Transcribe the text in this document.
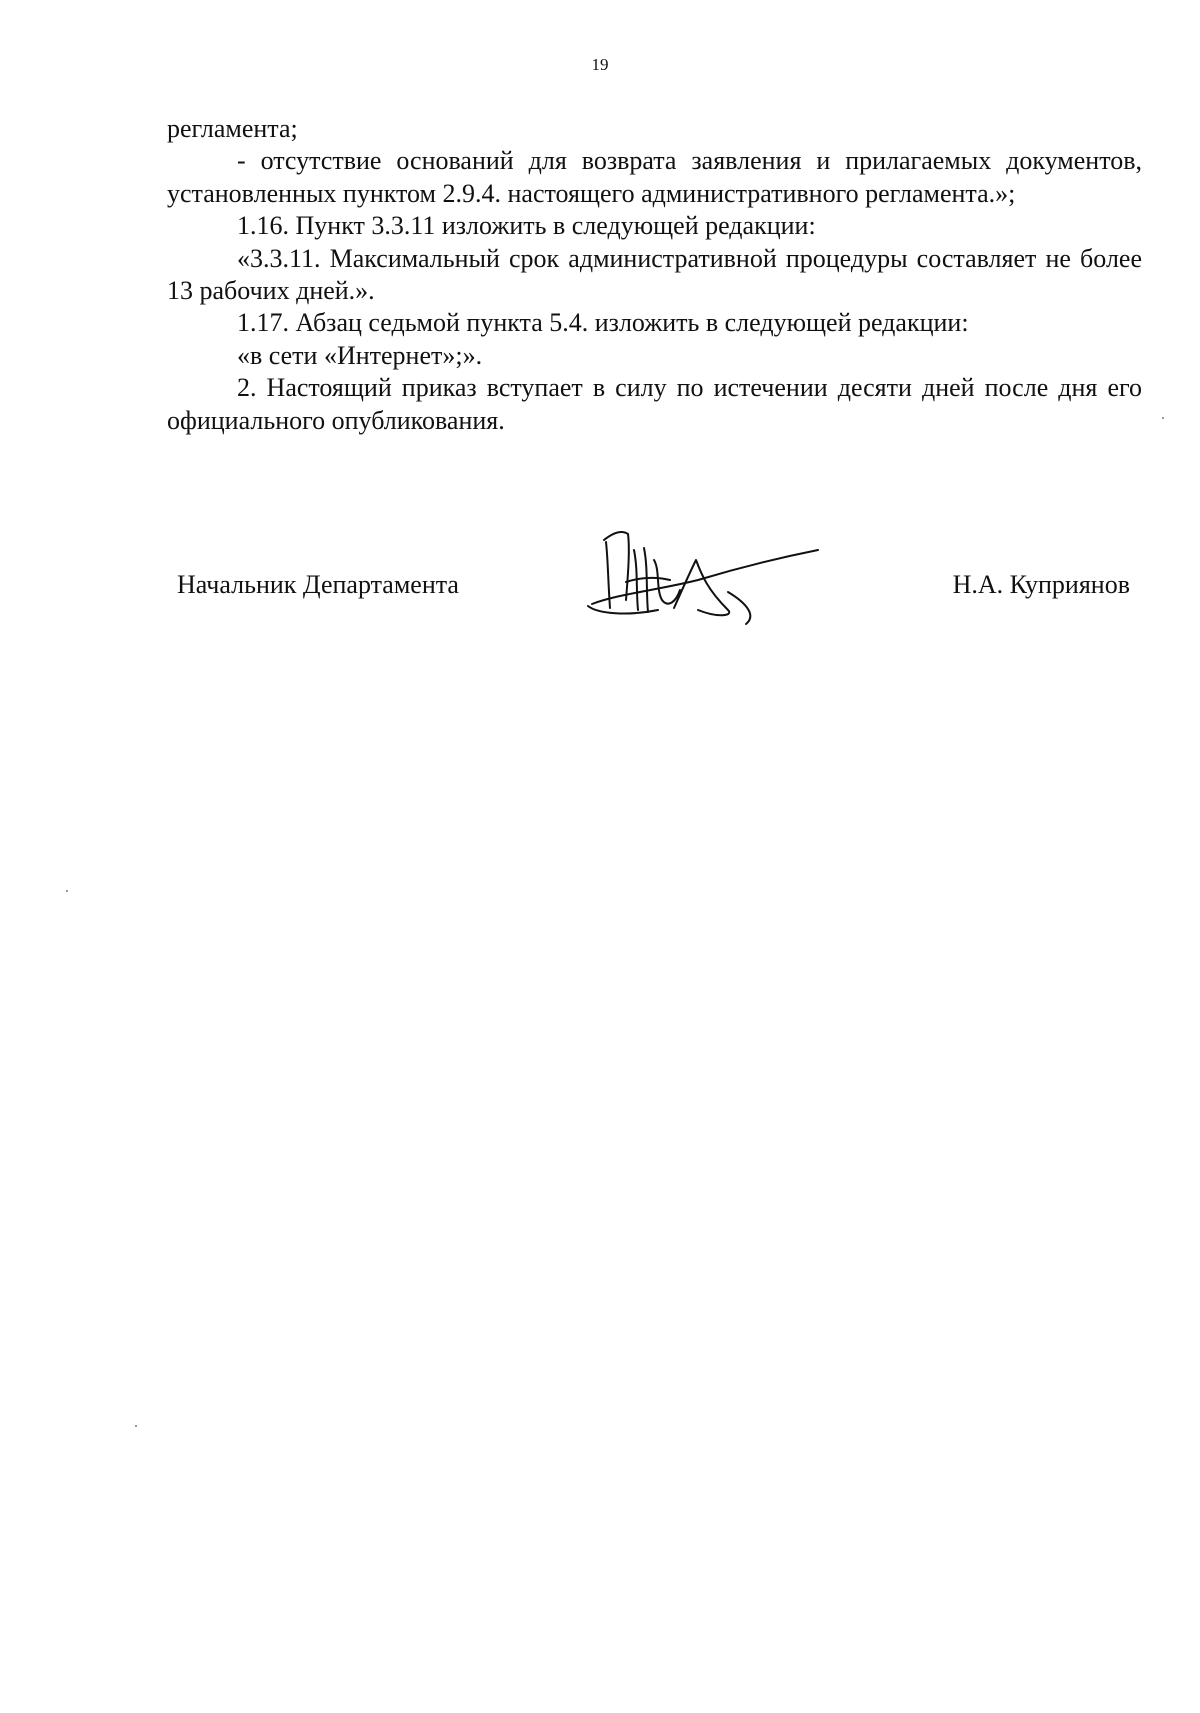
19

регламента;

- отсутствие оснований для возврата заявления и прилагаемых документов, установленных пунктом 2.9.4. настоящего административного регламента.»;

1.16. Пункт 3.3.11 изложить в следующей редакции:

«3.3.11. Максимальный срок административной процедуры составляет не более 13 рабочих дней.».

1.17. Абзац седьмой пункта 5.4. изложить в следующей редакции:

«в сети «Интернет»;».

2. Настоящий приказ вступает в силу по истечении десяти дней после дня его официального опубликования.

Начальник Департамента	Н.А. Куприянов
